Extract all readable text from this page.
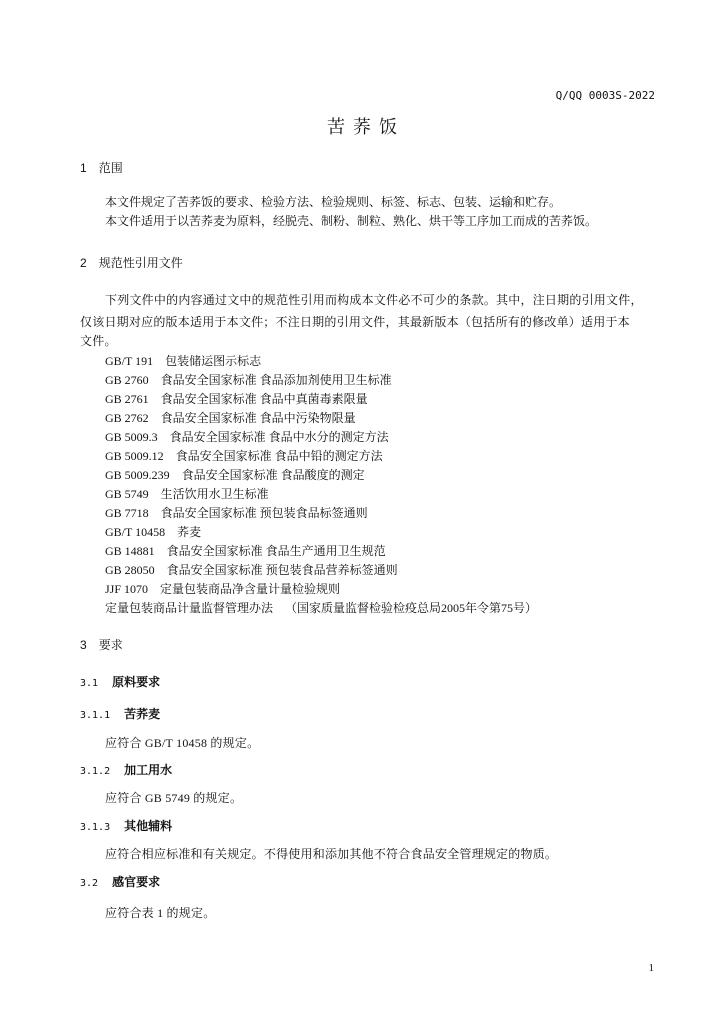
Q/QQ 0003S-2022
苦荞饭
1 范围
本文件规定了苦荞饭的要求、检验方法、检验规则、标签、标志、包装、运输和贮存。
本文件适用于以苦荞麦为原料，经脱壳、制粉、制粒、熟化、烘干等工序加工而成的苦荞饭。
2 规范性引用文件
下列文件中的内容通过文中的规范性引用而构成本文件必不可少的条款。其中，注日期的引用文件，
仅该日期对应的版本适用于本文件；不注日期的引用文件，其最新版本（包括所有的修改单）适用于本
文件。
GB/T 191 包装储运图示标志
GB 2760 食品安全国家标准 食品添加剂使用卫生标准
GB 2761 食品安全国家标准 食品中真菌毒素限量
GB 2762 食品安全国家标准 食品中污染物限量
GB 5009.3 食品安全国家标准 食品中水分的测定方法
GB 5009.12 食品安全国家标准 食品中铅的测定方法
GB 5009.239 食品安全国家标准 食品酸度的测定
GB 5749 生活饮用水卫生标准
GB 7718 食品安全国家标准 预包装食品标签通则
GB/T 10458 荞麦
GB 14881 食品安全国家标准 食品生产通用卫生规范
GB 28050 食品安全国家标准 预包装食品营养标签通则
JJF 1070 定量包装商品净含量计量检验规则
定量包装商品计量监督管理办法 （国家质量监督检验检疫总局2005年令第75号）
3 要求
3.1 原料要求
3.1.1 苦荞麦
应符合 GB/T 10458 的规定。
3.1.2 加工用水
应符合 GB 5749 的规定。
3.1.3 其他辅料
应符合相应标准和有关规定。不得使用和添加其他不符合食品安全管理规定的物质。
3.2 感官要求
应符合表 1 的规定。
1
